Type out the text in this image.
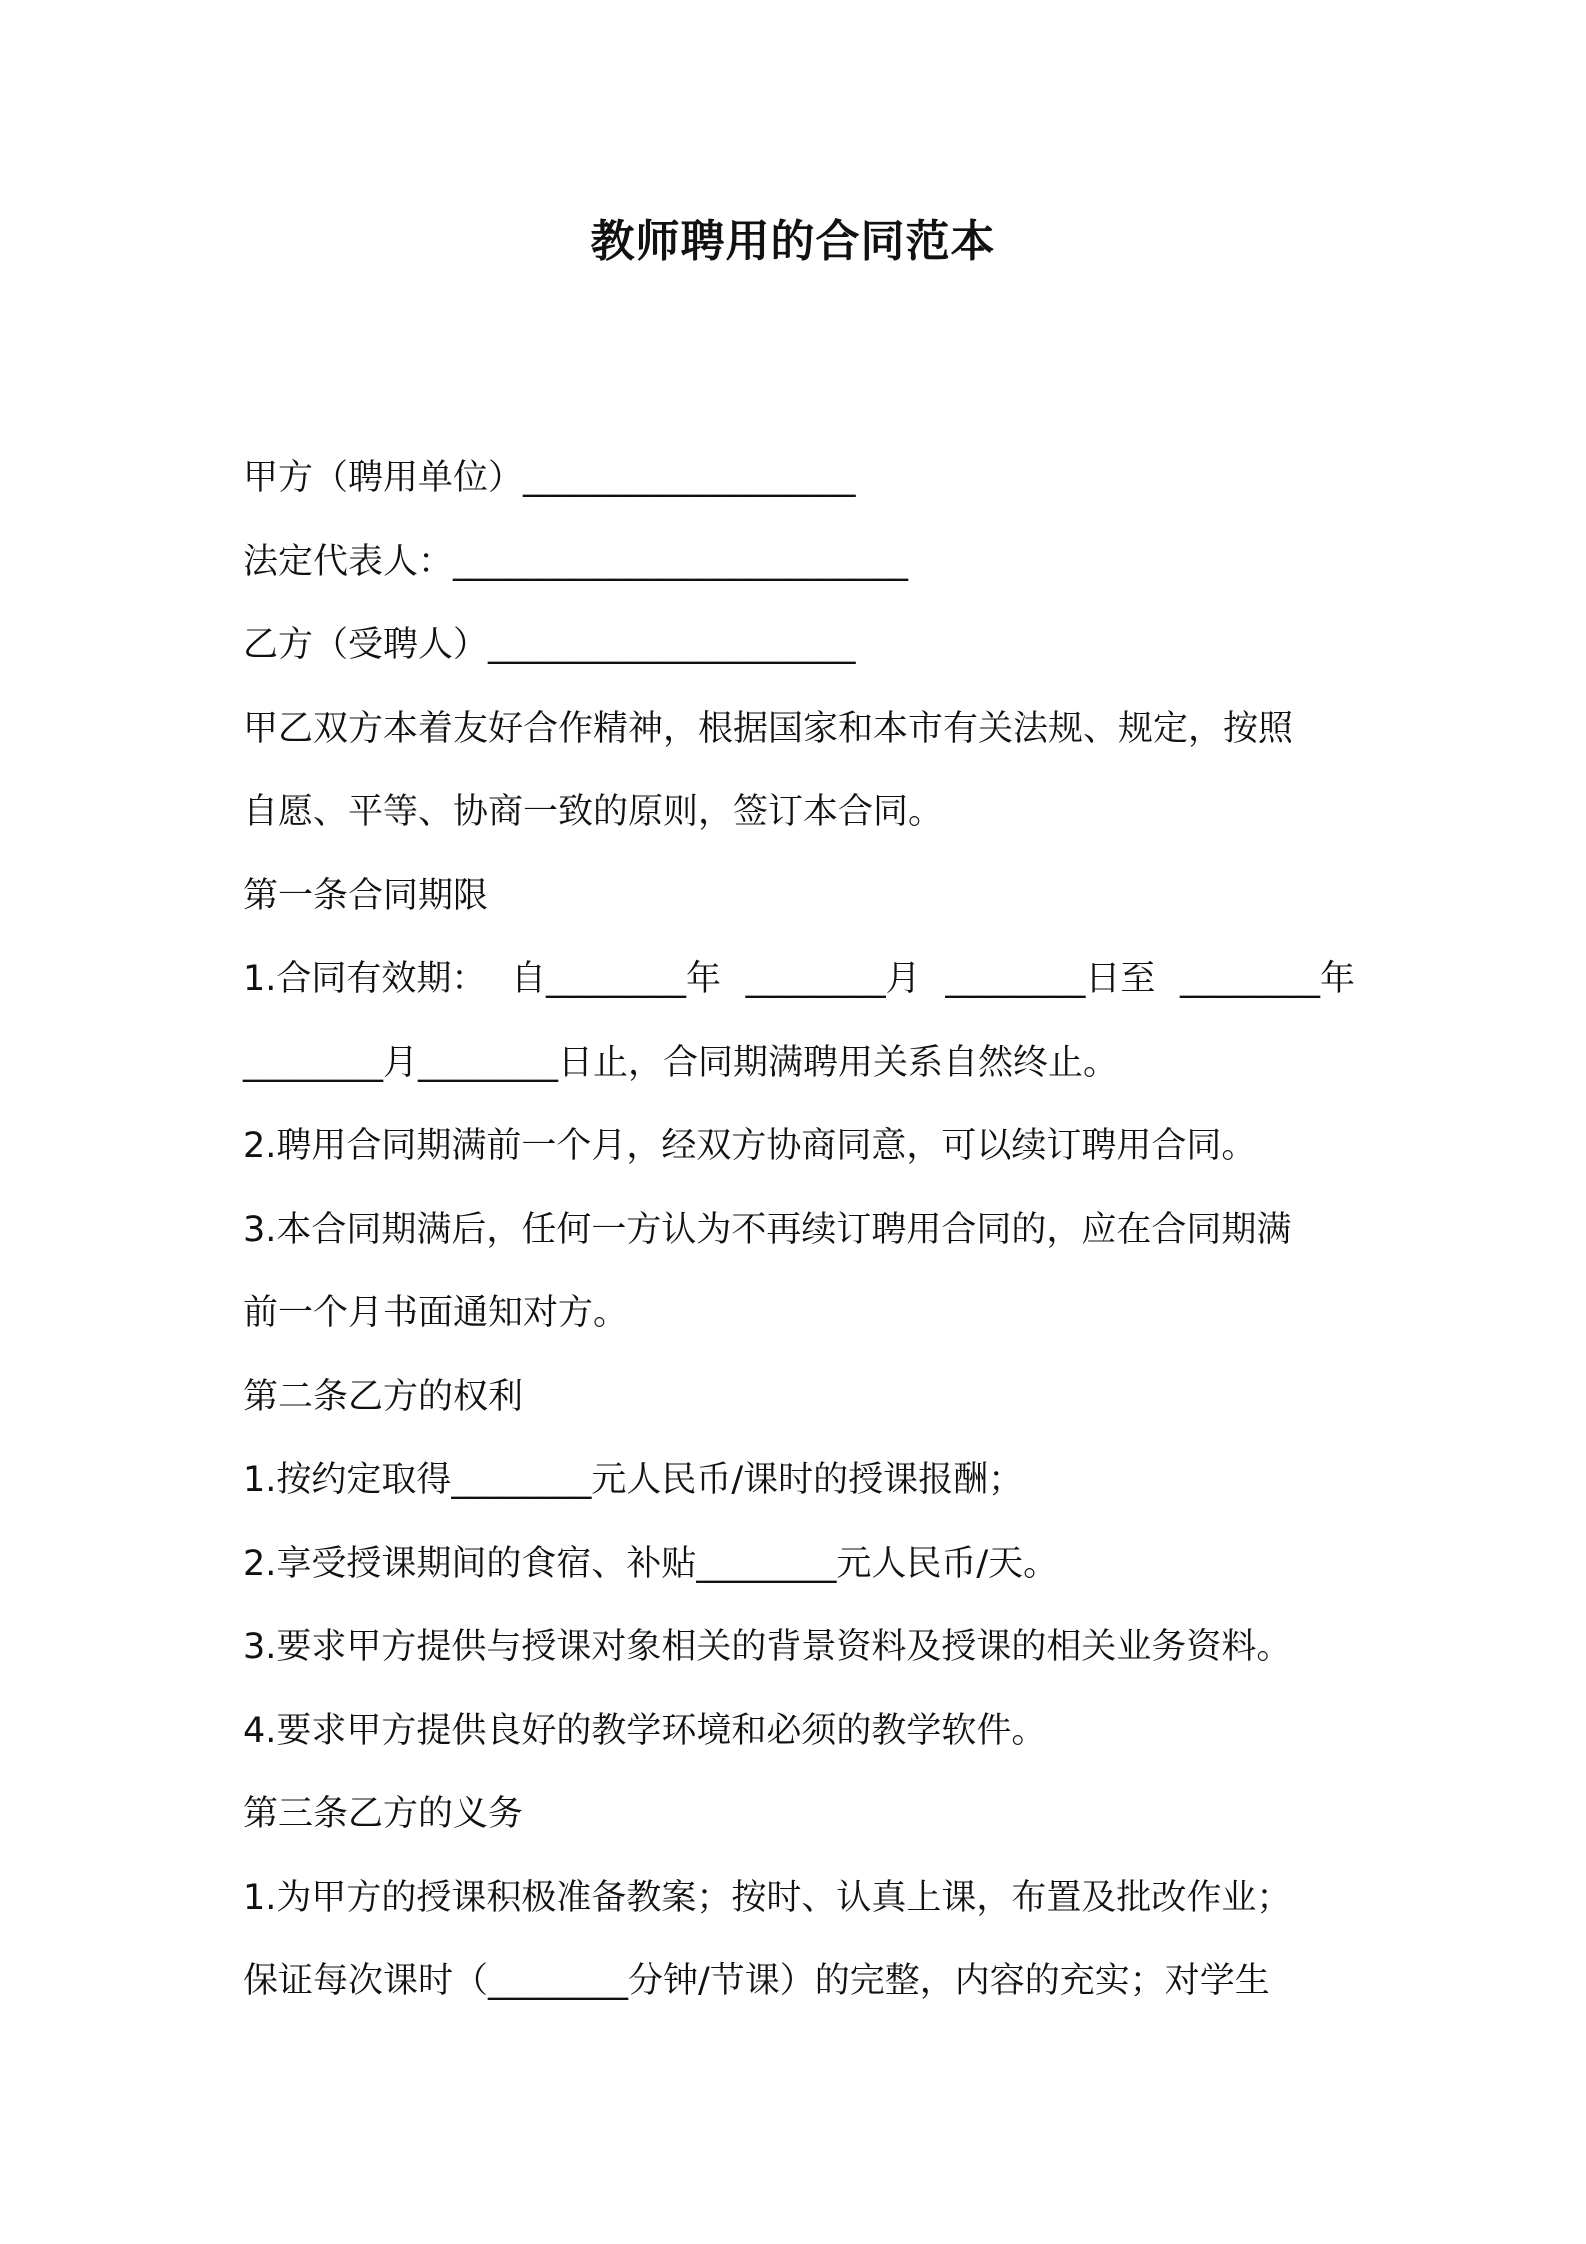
教师聘用的合同范本
甲方（聘用单位）___________________
法定代表人：__________________________
乙方（受聘人）_____________________
甲乙双方本着友好合作精神，根据国家和本市有关法规、规定，按照
自愿、平等、协商一致的原则，签订本合同。
第一条合同期限
1.合同有效期： 自________年 ________月 ________日至 ________年
________月________日止，合同期满聘用关系自然终止。
2.聘用合同期满前一个月，经双方协商同意，可以续订聘用合同。
3.本合同期满后，任何一方认为不再续订聘用合同的，应在合同期满
前一个月书面通知对方。
第二条乙方的权利
1.按约定取得________元人民币/课时的授课报酬；
2.享受授课期间的食宿、补贴________元人民币/天。
3.要求甲方提供与授课对象相关的背景资料及授课的相关业务资料。
4.要求甲方提供良好的教学环境和必须的教学软件。
第三条乙方的义务
1.为甲方的授课积极准备教案；按时、认真上课，布置及批改作业；
保证每次课时（________分钟/节课）的完整，内容的充实；对学生
